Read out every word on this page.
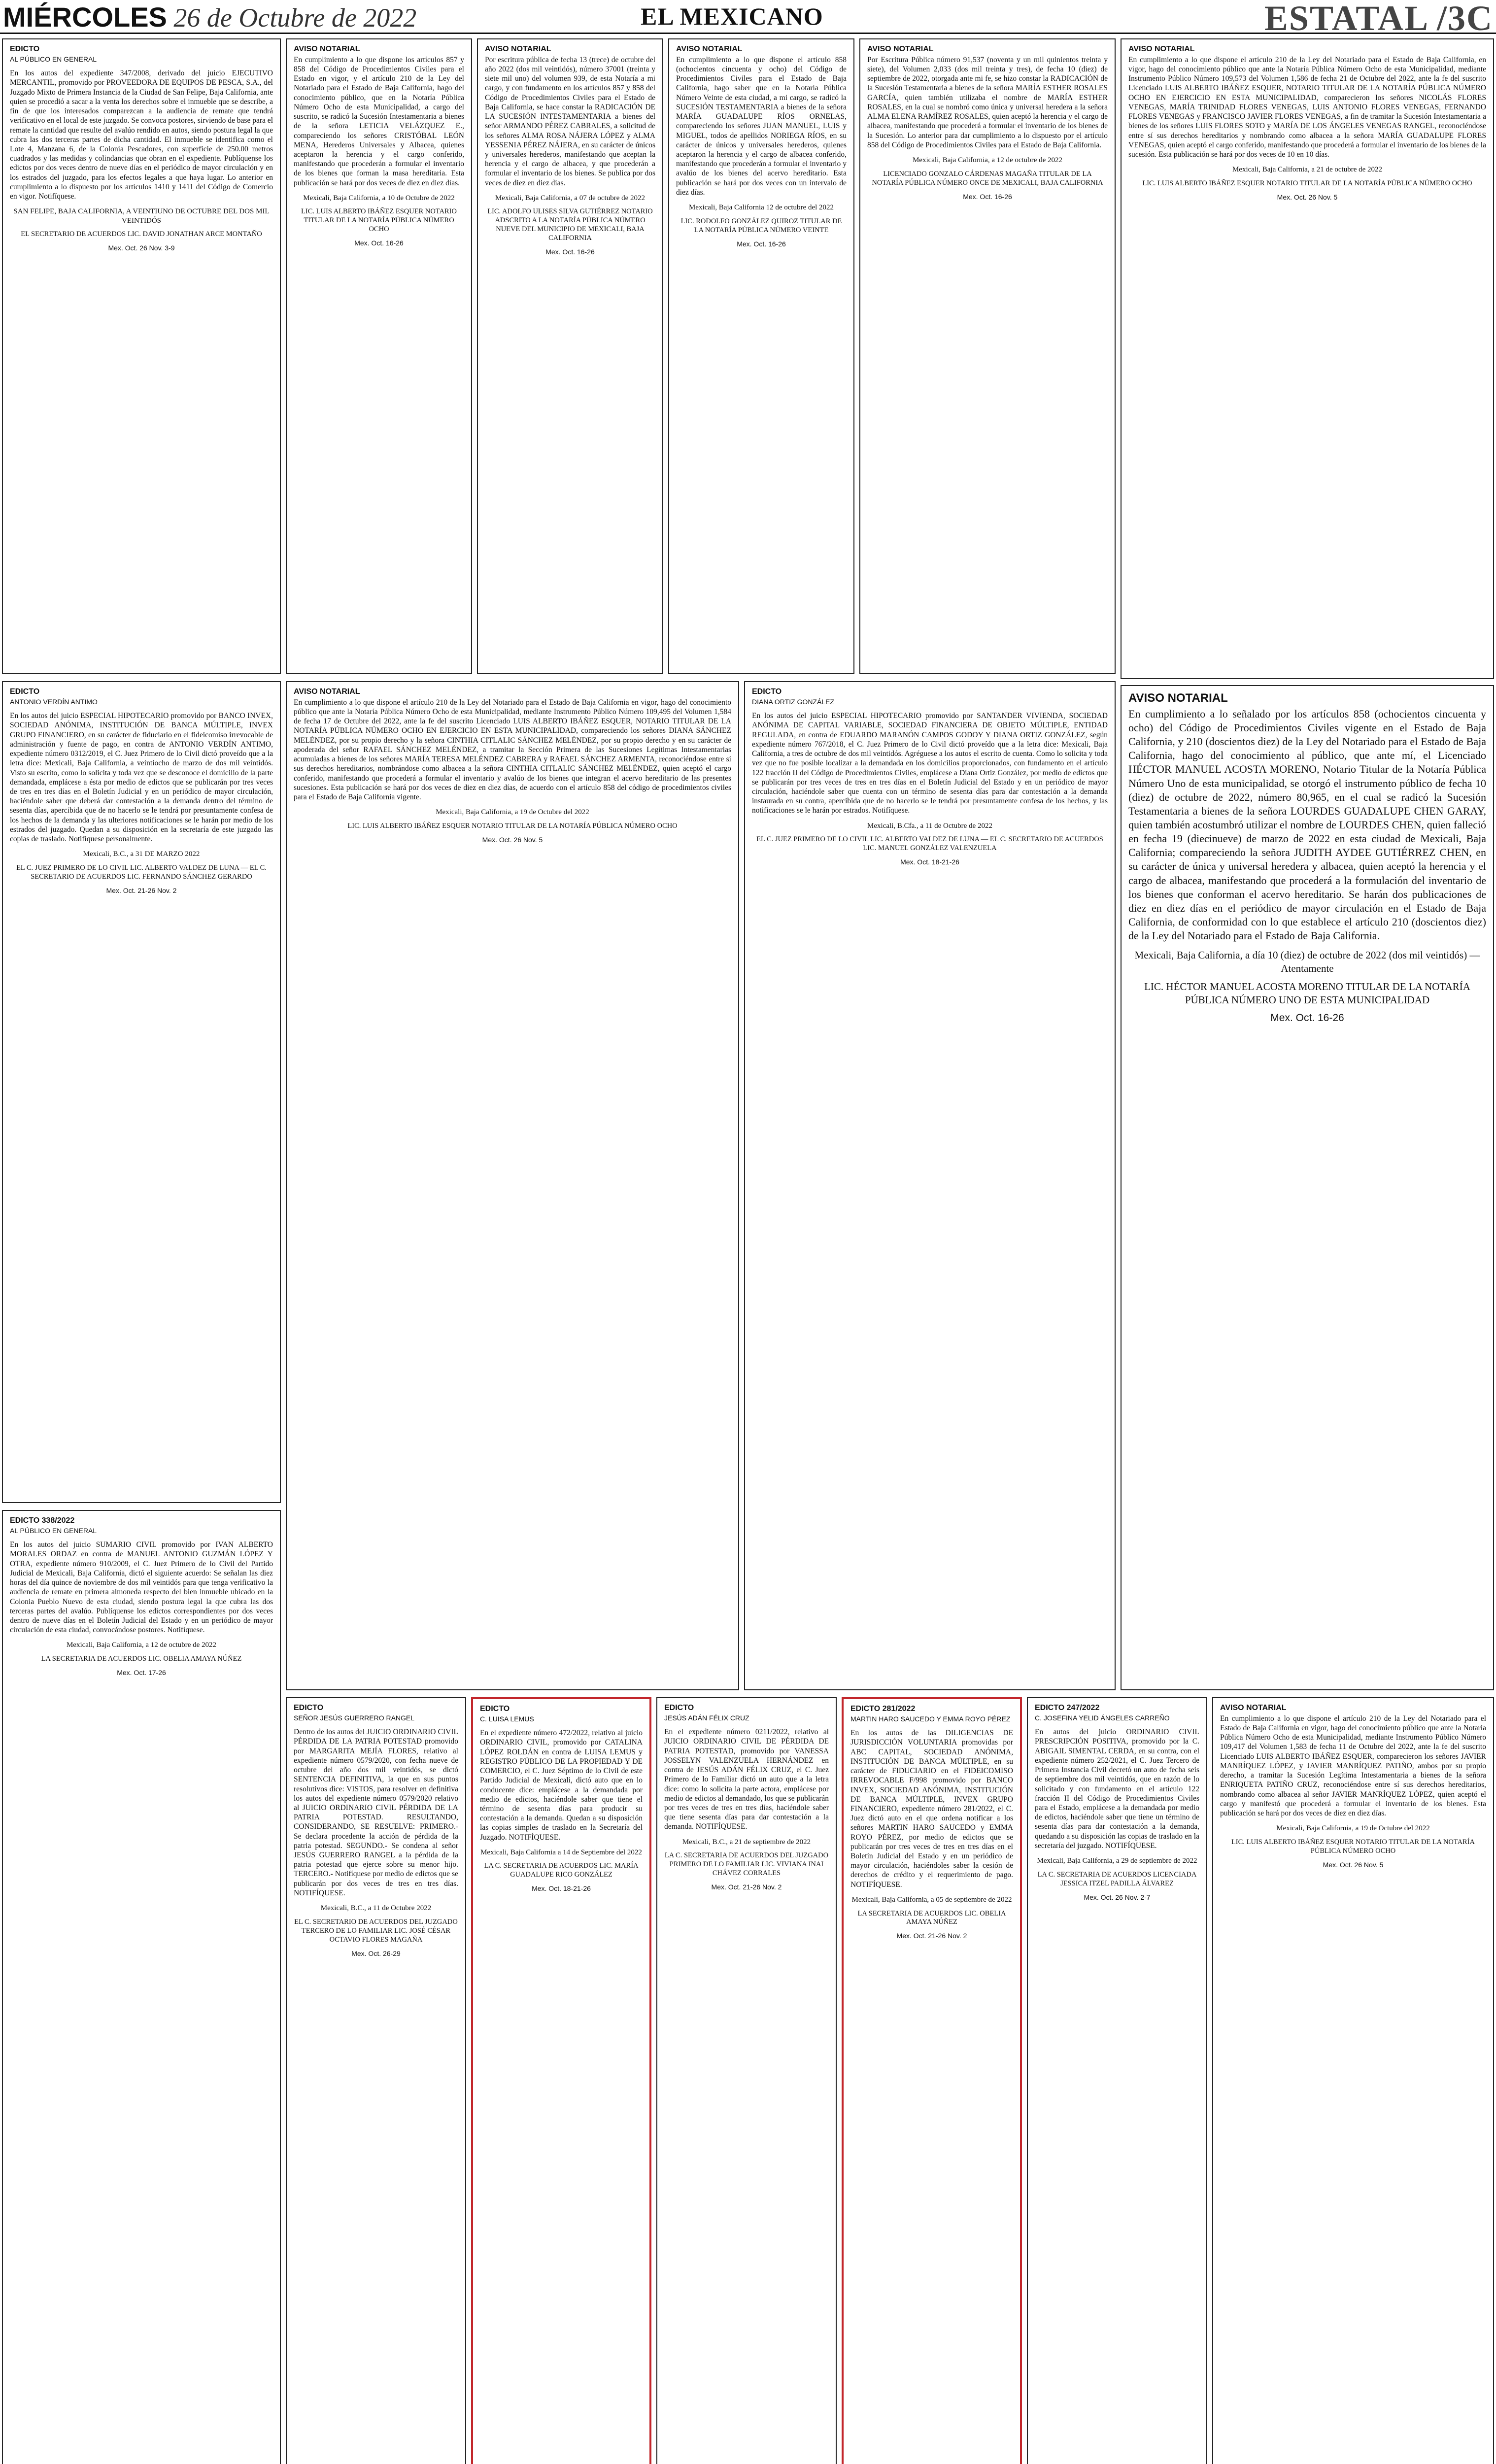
MIÉRCOLES 26 de Octubre de 2022	EL MEXICANO	ESTATAL /3C
EDICTO
AL PÚBLICO EN GENERAL
En los autos del expediente 347/2008, derivado del juicio EJECUTIVO MERCANTIL, promovido por PROVEEDORA DE EQUIPOS DE PESCA, S.A., del Juzgado Mixto de Primera Instancia de la Ciudad de San Felipe, Baja California, ante quien se procedió a sacar a la venta los derechos sobre el inmueble que se describe, a fin de que los interesados comparezcan a la audiencia de remate que tendrá verificativo en el local de este juzgado. Se convoca postores, sirviendo de base para el remate la cantidad que resulte del avalúo rendido en autos, siendo postura legal la que cubra las dos terceras partes de dicha cantidad. El inmueble se identifica como el Lote 4, Manzana 6, de la Colonia Pescadores, con superficie de 250.00 metros cuadrados y las medidas y colindancias que obran en el expediente. Publíquense los edictos por dos veces dentro de nueve días en el periódico de mayor circulación y en los estrados del juzgado, para los efectos legales a que haya lugar. Lo anterior en cumplimiento a lo dispuesto por los artículos 1410 y 1411 del Código de Comercio en vigor. Notifíquese.
SAN FELIPE, BAJA CALIFORNIA, A VEINTIUNO DE OCTUBRE DEL DOS MIL VEINTIDÓS
EL SECRETARIO DE ACUERDOS LIC. DAVID JONATHAN ARCE MONTAÑO
Mex. Oct. 26 Nov. 3-9
EDICTO
ANTONIO VERDÍN ANTIMO
En los autos del juicio ESPECIAL HIPOTECARIO promovido por BANCO INVEX, SOCIEDAD ANÓNIMA, INSTITUCIÓN DE BANCA MÚLTIPLE, INVEX GRUPO FINANCIERO, en su carácter de fiduciario en el fideicomiso irrevocable de administración y fuente de pago, en contra de ANTONIO VERDÍN ANTIMO, expediente número 0312/2019, el C. Juez Primero de lo Civil dictó proveído que a la letra dice: Mexicali, Baja California, a veintiocho de marzo de dos mil veintidós. Visto su escrito, como lo solicita y toda vez que se desconoce el domicilio de la parte demandada, emplácese a ésta por medio de edictos que se publicarán por tres veces de tres en tres días en el Boletín Judicial y en un periódico de mayor circulación, haciéndole saber que deberá dar contestación a la demanda dentro del término de sesenta días, apercibida que de no hacerlo se le tendrá por presuntamente confesa de los hechos de la demanda y las ulteriores notificaciones se le harán por medio de los estrados del juzgado. Quedan a su disposición en la secretaría de este juzgado las copias de traslado. Notifíquese personalmente.
Mexicali, B.C., a 31 DE MARZO 2022
EL C. JUEZ PRIMERO DE LO CIVIL LIC. ALBERTO VALDEZ DE LUNA — EL C. SECRETARIO DE ACUERDOS LIC. FERNANDO SÁNCHEZ GERARDO
Mex. Oct. 21-26 Nov. 2
EDICTO 338/2022
AL PÚBLICO EN GENERAL
En los autos del juicio SUMARIO CIVIL promovido por IVAN ALBERTO MORALES ORDAZ en contra de MANUEL ANTONIO GUZMÁN LÓPEZ Y OTRA, expediente número 910/2009, el C. Juez Primero de lo Civil del Partido Judicial de Mexicali, Baja California, dictó el siguiente acuerdo: Se señalan las diez horas del día quince de noviembre de dos mil veintidós para que tenga verificativo la audiencia de remate en primera almoneda respecto del bien inmueble ubicado en la Colonia Pueblo Nuevo de esta ciudad, siendo postura legal la que cubra las dos terceras partes del avalúo. Publíquense los edictos correspondientes por dos veces dentro de nueve días en el Boletín Judicial del Estado y en un periódico de mayor circulación de esta ciudad, convocándose postores. Notifíquese.
Mexicali, Baja California, a 12 de octubre de 2022
LA SECRETARIA DE ACUERDOS LIC. OBELIA AMAYA NÚÑEZ
Mex. Oct. 17-26
AVISO NOTARIAL
En cumplimiento a lo que dispone los artículos 857 y 858 del Código de Procedimientos Civiles para el Estado en vigor, y el artículo 210 de la Ley del Notariado para el Estado de Baja California, hago del conocimiento público, que en la Notaría Pública Número Ocho de esta Municipalidad, a cargo del suscrito, se radicó la Sucesión Intestamentaria a bienes de la señora LETICIA VELÁZQUEZ E., compareciendo los señores CRISTÓBAL LEÓN MENA, Herederos Universales y Albacea, quienes aceptaron la herencia y el cargo conferido, manifestando que procederán a formular el inventario de los bienes que forman la masa hereditaria. Esta publicación se hará por dos veces de diez en diez días.
Mexicali, Baja California, a 10 de Octubre de 2022
LIC. LUIS ALBERTO IBÁÑEZ ESQUER NOTARIO TITULAR DE LA NOTARÍA PÚBLICA NÚMERO OCHO
Mex. Oct. 16-26
AVISO NOTARIAL
Por escritura pública de fecha 13 (trece) de octubre del año 2022 (dos mil veintidós), número 37001 (treinta y siete mil uno) del volumen 939, de esta Notaría a mi cargo, y con fundamento en los artículos 857 y 858 del Código de Procedimientos Civiles para el Estado de Baja California, se hace constar la RADICACIÓN DE LA SUCESIÓN INTESTAMENTARIA a bienes del señor ARMANDO PÉREZ CABRALES, a solicitud de los señores ALMA ROSA NÁJERA LÓPEZ y ALMA YESSENIA PÉREZ NÁJERA, en su carácter de únicos y universales herederos, manifestando que aceptan la herencia y el cargo de albacea, y que procederán a formular el inventario de los bienes. Se publica por dos veces de diez en diez días.
Mexicali, Baja California, a 07 de octubre de 2022
LIC. ADOLFO ULISES SILVA GUTIÉRREZ NOTARIO ADSCRITO A LA NOTARÍA PÚBLICA NÚMERO NUEVE DEL MUNICIPIO DE MEXICALI, BAJA CALIFORNIA
Mex. Oct. 16-26
AVISO NOTARIAL
En cumplimiento a lo que dispone el artículo 858 (ochocientos cincuenta y ocho) del Código de Procedimientos Civiles para el Estado de Baja California, hago saber que en la Notaría Pública Número Veinte de esta ciudad, a mi cargo, se radicó la SUCESIÓN TESTAMENTARIA a bienes de la señora MARÍA GUADALUPE RÍOS ORNELAS, compareciendo los señores JUAN MANUEL, LUIS y MIGUEL, todos de apellidos NORIEGA RÍOS, en su carácter de únicos y universales herederos, quienes aceptaron la herencia y el cargo de albacea conferido, manifestando que procederán a formular el inventario y avalúo de los bienes del acervo hereditario. Esta publicación se hará por dos veces con un intervalo de diez días.
Mexicali, Baja California 12 de octubre del 2022
LIC. RODOLFO GONZÁLEZ QUIROZ TITULAR DE LA NOTARÍA PÚBLICA NÚMERO VEINTE
Mex. Oct. 16-26
AVISO NOTARIAL
Por Escritura Pública número 91,537 (noventa y un mil quinientos treinta y siete), del Volumen 2,033 (dos mil treinta y tres), de fecha 10 (diez) de septiembre de 2022, otorgada ante mi fe, se hizo constar la RADICACIÓN de la Sucesión Testamentaria a bienes de la señora MARÍA ESTHER ROSALES GARCÍA, quien también utilizaba el nombre de MARÍA ESTHER ROSALES, en la cual se nombró como única y universal heredera a la señora ALMA ELENA RAMÍREZ ROSALES, quien aceptó la herencia y el cargo de albacea, manifestando que procederá a formular el inventario de los bienes de la Sucesión. Lo anterior para dar cumplimiento a lo dispuesto por el artículo 858 del Código de Procedimientos Civiles para el Estado de Baja California.
Mexicali, Baja California, a 12 de octubre de 2022
LICENCIADO GONZALO CÁRDENAS MAGAÑA TITULAR DE LA NOTARÍA PÚBLICA NÚMERO ONCE DE MEXICALI, BAJA CALIFORNIA
Mex. Oct. 16-26
AVISO NOTARIAL
En cumplimiento a lo que dispone el artículo 210 de la Ley del Notariado para el Estado de Baja California, en vigor, hago del conocimiento público que ante la Notaría Pública Número Ocho de esta Municipalidad, mediante Instrumento Público Número 109,573 del Volumen 1,586 de fecha 21 de Octubre del 2022, ante la fe del suscrito Licenciado LUIS ALBERTO IBÁÑEZ ESQUER, NOTARIO TITULAR DE LA NOTARÍA PÚBLICA NÚMERO OCHO EN EJERCICIO EN ESTA MUNICIPALIDAD, comparecieron los señores NICOLÁS FLORES VENEGAS, MARÍA TRINIDAD FLORES VENEGAS, LUIS ANTONIO FLORES VENEGAS, FERNANDO FLORES VENEGAS y FRANCISCO JAVIER FLORES VENEGAS, a fin de tramitar la Sucesión Intestamentaria a bienes de los señores LUIS FLORES SOTO y MARÍA DE LOS ÁNGELES VENEGAS RANGEL, reconociéndose entre sí sus derechos hereditarios y nombrando como albacea a la señora MARÍA GUADALUPE FLORES VENEGAS, quien aceptó el cargo conferido, manifestando que procederá a formular el inventario de los bienes de la sucesión. Esta publicación se hará por dos veces de 10 en 10 días.
Mexicali, Baja California, a 21 de octubre de 2022
LIC. LUIS ALBERTO IBÁÑEZ ESQUER NOTARIO TITULAR DE LA NOTARÍA PÚBLICA NÚMERO OCHO
Mex. Oct. 26 Nov. 5
AVISO NOTARIAL
En cumplimiento a lo señalado por los artículos 858 (ochocientos cincuenta y ocho) del Código de Procedimientos Civiles vigente en el Estado de Baja California, y 210 (doscientos diez) de la Ley del Notariado para el Estado de Baja California, hago del conocimiento al público, que ante mí, el Licenciado HÉCTOR MANUEL ACOSTA MORENO, Notario Titular de la Notaría Pública Número Uno de esta municipalidad, se otorgó el instrumento público de fecha 10 (diez) de octubre de 2022, número 80,965, en el cual se radicó la Sucesión Testamentaria a bienes de la señora LOURDES GUADALUPE CHEN GARAY, quien también acostumbró utilizar el nombre de LOURDES CHEN, quien falleció en fecha 19 (diecinueve) de marzo de 2022 en esta ciudad de Mexicali, Baja California; compareciendo la señora JUDITH AYDEE GUTIÉRREZ CHEN, en su carácter de única y universal heredera y albacea, quien aceptó la herencia y el cargo de albacea, manifestando que procederá a la formulación del inventario de los bienes que conforman el acervo hereditario. Se harán dos publicaciones de diez en diez días en el periódico de mayor circulación en el Estado de Baja California, de conformidad con lo que establece el artículo 210 (doscientos diez) de la Ley del Notariado para el Estado de Baja California.
Mexicali, Baja California, a día 10 (diez) de octubre de 2022 (dos mil veintidós) — Atentamente
LIC. HÉCTOR MANUEL ACOSTA MORENO TITULAR DE LA NOTARÍA PÚBLICA NÚMERO UNO DE ESTA MUNICIPALIDAD
Mex. Oct. 16-26
AVISO NOTARIAL
En cumplimiento a lo que dispone el artículo 210 de la Ley del Notariado para el Estado de Baja California en vigor, hago del conocimiento público que ante la Notaría Pública Número Ocho de esta Municipalidad, mediante Instrumento Público Número 109,495 del Volumen 1,584 de fecha 17 de Octubre del 2022, ante la fe del suscrito Licenciado LUIS ALBERTO IBÁÑEZ ESQUER, NOTARIO TITULAR DE LA NOTARÍA PÚBLICA NÚMERO OCHO EN EJERCICIO EN ESTA MUNICIPALIDAD, compareciendo los señores DIANA SÁNCHEZ MELÉNDEZ, por su propio derecho y la señora CINTHIA CITLALIC SÁNCHEZ MELÉNDEZ, por su propio derecho y en su carácter de apoderada del señor RAFAEL SÁNCHEZ MELÉNDEZ, a tramitar la Sección Primera de las Sucesiones Legítimas Intestamentarias acumuladas a bienes de los señores MARÍA TERESA MELÉNDEZ CABRERA y RAFAEL SÁNCHEZ ARMENTA, reconociéndose entre sí sus derechos hereditarios, nombrándose como albacea a la señora CINTHIA CITLALIC SÁNCHEZ MELÉNDEZ, quien aceptó el cargo conferido, manifestando que procederá a formular el inventario y avalúo de los bienes que integran el acervo hereditario de las presentes sucesiones. Esta publicación se hará por dos veces de diez en diez días, de acuerdo con el artículo 858 del código de procedimientos civiles para el Estado de Baja California vigente.
Mexicali, Baja California, a 19 de Octubre del 2022
LIC. LUIS ALBERTO IBÁÑEZ ESQUER NOTARIO TITULAR DE LA NOTARÍA PÚBLICA NÚMERO OCHO
Mex. Oct. 26 Nov. 5
EDICTO
DIANA ORTIZ GONZÁLEZ
En los autos del juicio ESPECIAL HIPOTECARIO promovido por SANTANDER VIVIENDA, SOCIEDAD ANÓNIMA DE CAPITAL VARIABLE, SOCIEDAD FINANCIERA DE OBJETO MÚLTIPLE, ENTIDAD REGULADA, en contra de EDUARDO MARANÓN CAMPOS GODOY Y DIANA ORTIZ GONZÁLEZ, según expediente número 767/2018, el C. Juez Primero de lo Civil dictó proveído que a la letra dice: Mexicali, Baja California, a tres de octubre de dos mil veintidós. Agréguese a los autos el escrito de cuenta. Como lo solicita y toda vez que no fue posible localizar a la demandada en los domicilios proporcionados, con fundamento en el artículo 122 fracción II del Código de Procedimientos Civiles, emplácese a Diana Ortiz González, por medio de edictos que se publicarán por tres veces de tres en tres días en el Boletín Judicial del Estado y en un periódico de mayor circulación, haciéndole saber que cuenta con un término de sesenta días para dar contestación a la demanda instaurada en su contra, apercibida que de no hacerlo se le tendrá por presuntamente confesa de los hechos, y las notificaciones se le harán por estrados. Notifíquese.
Mexicali, B.Cfa., a 11 de Octubre de 2022
EL C. JUEZ PRIMERO DE LO CIVIL LIC. ALBERTO VALDEZ DE LUNA — EL C. SECRETARIO DE ACUERDOS LIC. MANUEL GONZÁLEZ VALENZUELA
Mex. Oct. 18-21-26
EDICTO
SEÑOR JESÚS GUERRERO RANGEL
Dentro de los autos del JUICIO ORDINARIO CIVIL PÉRDIDA DE LA PATRIA POTESTAD promovido por MARGARITA MEJÍA FLORES, relativo al expediente número 0579/2020, con fecha nueve de octubre del año dos mil veintidós, se dictó SENTENCIA DEFINITIVA, la que en sus puntos resolutivos dice: VISTOS, para resolver en definitiva los autos del expediente número 0579/2020 relativo al JUICIO ORDINARIO CIVIL PÉRDIDA DE LA PATRIA POTESTAD. RESULTANDO, CONSIDERANDO, SE RESUELVE: PRIMERO.- Se declara procedente la acción de pérdida de la patria potestad. SEGUNDO.- Se condena al señor JESÚS GUERRERO RANGEL a la pérdida de la patria potestad que ejerce sobre su menor hijo. TERCERO.- Notifíquese por medio de edictos que se publicarán por dos veces de tres en tres días. NOTIFÍQUESE.
Mexicali, B.C., a 11 de Octubre 2022
EL C. SECRETARIO DE ACUERDOS DEL JUZGADO TERCERO DE LO FAMILIAR LIC. JOSÉ CÉSAR OCTAVIO FLORES MAGAÑA
Mex. Oct. 26-29
EDICTO
C. LUISA LEMUS
En el expediente número 472/2022, relativo al juicio ORDINARIO CIVIL, promovido por CATALINA LÓPEZ ROLDÁN en contra de LUISA LEMUS y REGISTRO PÚBLICO DE LA PROPIEDAD Y DE COMERCIO, el C. Juez Séptimo de lo Civil de este Partido Judicial de Mexicali, dictó auto que en lo conducente dice: emplácese a la demandada por medio de edictos, haciéndole saber que tiene el término de sesenta días para producir su contestación a la demanda. Quedan a su disposición las copias simples de traslado en la Secretaría del Juzgado. NOTIFÍQUESE.
Mexicali, Baja California a 14 de Septiembre del 2022
LA C. SECRETARIA DE ACUERDOS LIC. MARÍA GUADALUPE RICO GONZÁLEZ
Mex. Oct. 18-21-26
EDICTO
JESÚS ADÁN FÉLIX CRUZ
En el expediente número 0211/2022, relativo al JUICIO ORDINARIO CIVIL DE PÉRDIDA DE PATRIA POTESTAD, promovido por VANESSA JOSSELYN VALENZUELA HERNÁNDEZ en contra de JESÚS ADÁN FÉLIX CRUZ, el C. Juez Primero de lo Familiar dictó un auto que a la letra dice: como lo solicita la parte actora, emplácese por medio de edictos al demandado, los que se publicarán por tres veces de tres en tres días, haciéndole saber que tiene sesenta días para dar contestación a la demanda. NOTIFÍQUESE.
Mexicali, B.C., a 21 de septiembre de 2022
LA C. SECRETARIA DE ACUERDOS DEL JUZGADO PRIMERO DE LO FAMILIAR LIC. VIVIANA INAI CHÁVEZ CORRALES
Mex. Oct. 21-26 Nov. 2
EDICTO 281/2022
MARTIN HARO SAUCEDO Y EMMA ROYO PÉREZ
En los autos de las DILIGENCIAS DE JURISDICCIÓN VOLUNTARIA promovidas por ABC CAPITAL, SOCIEDAD ANÓNIMA, INSTITUCIÓN DE BANCA MÚLTIPLE, en su carácter de FIDUCIARIO en el FIDEICOMISO IRREVOCABLE F/998 promovido por BANCO INVEX, SOCIEDAD ANÓNIMA, INSTITUCIÓN DE BANCA MÚLTIPLE, INVEX GRUPO FINANCIERO, expediente número 281/2022, el C. Juez dictó auto en el que ordena notificar a los señores MARTIN HARO SAUCEDO y EMMA ROYO PÉREZ, por medio de edictos que se publicarán por tres veces de tres en tres días en el Boletín Judicial del Estado y en un periódico de mayor circulación, haciéndoles saber la cesión de derechos de crédito y el requerimiento de pago. NOTIFÍQUESE.
Mexicali, Baja California, a 05 de septiembre de 2022
LA SECRETARIA DE ACUERDOS LIC. OBELIA AMAYA NÚÑEZ
Mex. Oct. 21-26 Nov. 2
EDICTO 247/2022
C. JOSEFINA YELID ÁNGELES CARREÑO
En autos del juicio ORDINARIO CIVIL PRESCRIPCIÓN POSITIVA, promovido por la C. ABIGAIL SIMENTAL CERDA, en su contra, con el expediente número 252/2021, el C. Juez Tercero de Primera Instancia Civil decretó un auto de fecha seis de septiembre dos mil veintidós, que en razón de lo solicitado y con fundamento en el artículo 122 fracción II del Código de Procedimientos Civiles para el Estado, emplácese a la demandada por medio de edictos, haciéndole saber que tiene un término de sesenta días para dar contestación a la demanda, quedando a su disposición las copias de traslado en la secretaría del juzgado. NOTIFÍQUESE.
Mexicali, Baja California, a 29 de septiembre de 2022
LA C. SECRETARIA DE ACUERDOS LICENCIADA JESSICA ITZEL PADILLA ÁLVAREZ
Mex. Oct. 26 Nov. 2-7
AVISO NOTARIAL
En cumplimiento a lo que dispone el artículo 210 de la Ley del Notariado para el Estado de Baja California en vigor, hago del conocimiento público que ante la Notaría Pública Número Ocho de esta Municipalidad, mediante Instrumento Público Número 109,417 del Volumen 1,583 de fecha 11 de Octubre del 2022, ante la fe del suscrito Licenciado LUIS ALBERTO IBÁÑEZ ESQUER, comparecieron los señores JAVIER MANRÍQUEZ LÓPEZ, y JAVIER MANRÍQUEZ PATIÑO, ambos por su propio derecho, a tramitar la Sucesión Legítima Intestamentaria a bienes de la señora ENRIQUETA PATIÑO CRUZ, reconociéndose entre sí sus derechos hereditarios, nombrando como albacea al señor JAVIER MANRÍQUEZ LÓPEZ, quien aceptó el cargo y manifestó que procederá a formular el inventario de los bienes. Esta publicación se hará por dos veces de diez en diez días.
Mexicali, Baja California, a 19 de Octubre del 2022
LIC. LUIS ALBERTO IBÁÑEZ ESQUER NOTARIO TITULAR DE LA NOTARÍA PÚBLICA NÚMERO OCHO
Mex. Oct. 26 Nov. 5
